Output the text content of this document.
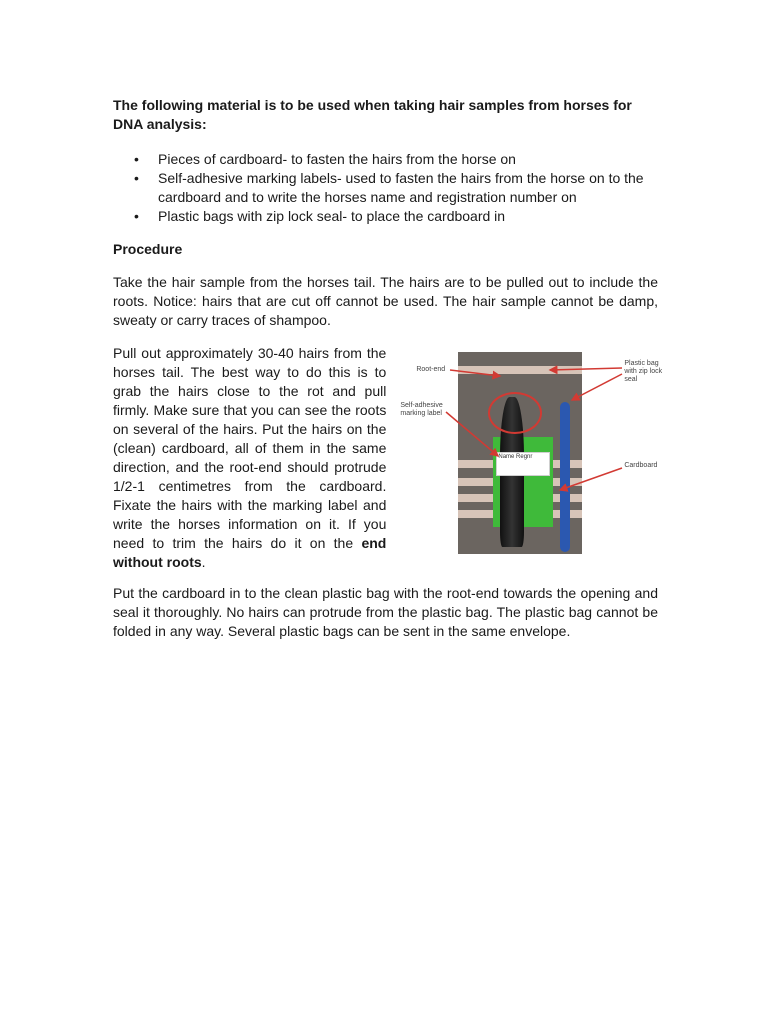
The following material is to be used when taking hair samples from horses for DNA analysis:

• Pieces of cardboard- to fasten the hairs from the horse on
• Self-adhesive marking labels- used to fasten the hairs from the horse on to the cardboard and to write the horses name and registration number on
• Plastic bags with zip lock seal- to place the cardboard in

Procedure

Take the hair sample from the horses tail. The hairs are to be pulled out to include the roots. Notice: hairs that are cut off cannot be used. The hair sample cannot be damp, sweaty or carry traces of shampoo.

Pull out approximately 30-40 hairs from the horses tail. The best way to do this is to grab the hairs close to the rot and pull firmly. Make sure that you can see the roots on several of the hairs. Put the hairs on the (clean) cardboard, all of them in the same direction, and the root-end should protrude 1/2-1 centimetres from the cardboard. Fixate the hairs with the marking label and write the horses information on it. If you need to trim the hairs do it on the end without roots.

Name Regnr
Root-end
Self-adhesive marking label
Plastic bag with zip lock seal
Cardboard

Put the cardboard in to the clean plastic bag with the root-end towards the opening and seal it thoroughly. No hairs can protrude from the plastic bag. The plastic bag cannot be folded in any way. Several plastic bags can be sent in the same envelope.
